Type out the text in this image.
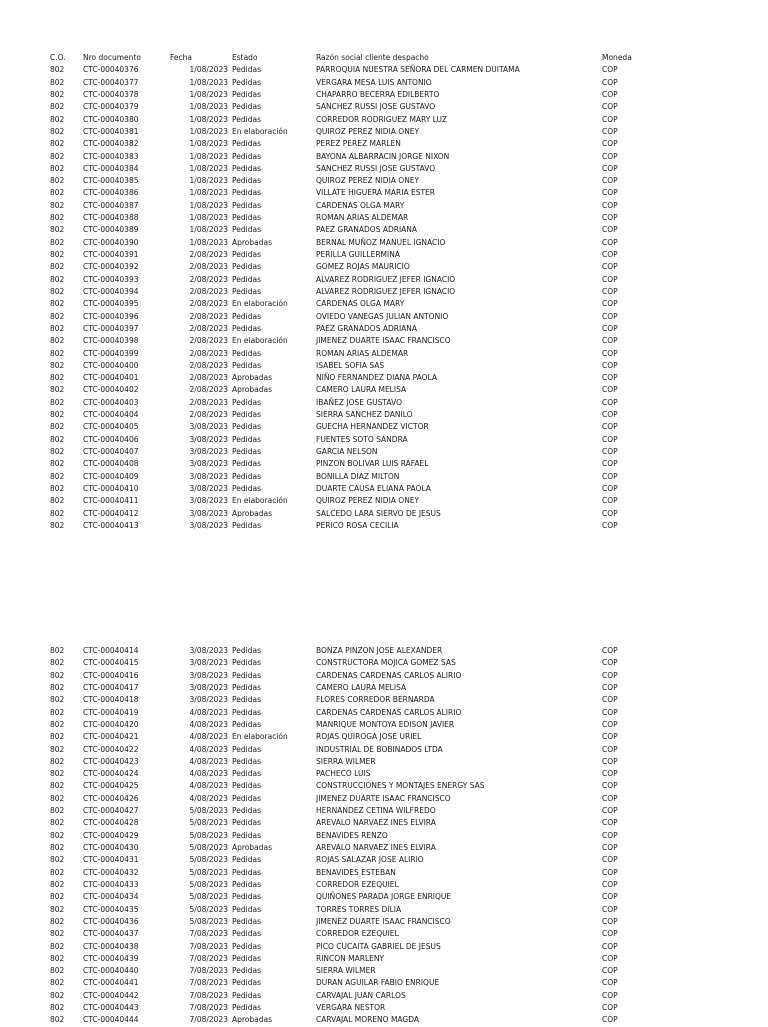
C.O. Nro documento	Fecha	Estado	Razón social cliente despacho	Moneda
802 CTC-00040376	1/08/2023 Pedidas	PARROQUIA NUESTRA SEÑORA DEL CARMEN DUITAMA	COP
802 CTC-00040377	1/08/2023 Pedidas	VERGARA MESA LUIS ANTONIO	COP
802 CTC-00040378	1/08/2023 Pedidas	CHAPARRO BECERRA EDILBERTO	COP
802 CTC-00040379	1/08/2023 Pedidas	SANCHEZ RUSSI JOSE GUSTAVO	COP
802 CTC-00040380	1/08/2023 Pedidas	CORREDOR RODRIGUEZ MARY LUZ	COP
802 CTC-00040381	1/08/2023 En elaboración	QUIROZ PEREZ NIDIA ONEY	COP
802 CTC-00040382	1/08/2023 Pedidas	PEREZ PEREZ MARLEN	COP
802 CTC-00040383	1/08/2023 Pedidas	BAYONA ALBARRACIN JORGE NIXON	COP
802 CTC-00040384	1/08/2023 Pedidas	SANCHEZ RUSSI JOSE GUSTAVO	COP
802 CTC-00040385	1/08/2023 Pedidas	QUIROZ PEREZ NIDIA ONEY	COP
802 CTC-00040386	1/08/2023 Pedidas	VILLATE HIGUERA MARIA ESTER	COP
802 CTC-00040387	1/08/2023 Pedidas	CARDENAS OLGA MARY	COP
802 CTC-00040388	1/08/2023 Pedidas	ROMAN ARIAS ALDEMAR	COP
802 CTC-00040389	1/08/2023 Pedidas	PAEZ GRANADOS ADRIANA	COP
802 CTC-00040390	1/08/2023 Aprobadas	BERNAL MUÑOZ MANUEL IGNACIO	COP
802 CTC-00040391	2/08/2023 Pedidas	PERILLA GUILLERMINA	COP
802 CTC-00040392	2/08/2023 Pedidas	GOMEZ ROJAS MAURICIO	COP
802 CTC-00040393	2/08/2023 Pedidas	ALVAREZ RODRIGUEZ JEFER IGNACIO	COP
802 CTC-00040394	2/08/2023 Pedidas	ALVAREZ RODRIGUEZ JEFER IGNACIO	COP
802 CTC-00040395	2/08/2023 En elaboración	CARDENAS OLGA MARY	COP
802 CTC-00040396	2/08/2023 Pedidas	OVIEDO VANEGAS JULIAN ANTONIO	COP
802 CTC-00040397	2/08/2023 Pedidas	PAEZ GRANADOS ADRIANA	COP
802 CTC-00040398	2/08/2023 En elaboración	JIMENEZ DUARTE ISAAC FRANCISCO	COP
802 CTC-00040399	2/08/2023 Pedidas	ROMAN ARIAS ALDEMAR	COP
802 CTC-00040400	2/08/2023 Pedidas	ISABEL SOFIA SAS	COP
802 CTC-00040401	2/08/2023 Aprobadas	NIÑO FERNANDEZ DIANA PAOLA	COP
802 CTC-00040402	2/08/2023 Aprobadas	CAMERO LAURA MELISA	COP
802 CTC-00040403	2/08/2023 Pedidas	IBAÑEZ JOSE GUSTAVO	COP
802 CTC-00040404	2/08/2023 Pedidas	SIERRA SANCHEZ DANILO	COP
802 CTC-00040405	3/08/2023 Pedidas	GUECHA HERNANDEZ VICTOR	COP
802 CTC-00040406	3/08/2023 Pedidas	FUENTES SOTO SANDRA	COP
802 CTC-00040407	3/08/2023 Pedidas	GARCIA NELSON	COP
802 CTC-00040408	3/08/2023 Pedidas	PINZON BOLIVAR LUIS RAFAEL	COP
802 CTC-00040409	3/08/2023 Pedidas	BONILLA DIAZ MILTON	COP
802 CTC-00040410	3/08/2023 Pedidas	DUARTE CAUSA ELIANA PAOLA	COP
802 CTC-00040411	3/08/2023 En elaboración	QUIROZ PEREZ NIDIA ONEY	COP
802 CTC-00040412	3/08/2023 Aprobadas	SALCEDO LARA SIERVO DE JESUS	COP
802 CTC-00040413	3/08/2023 Pedidas	PERICO ROSA CECILIA	COP
802 CTC-00040414	3/08/2023 Pedidas	BONZA PINZON JOSE ALEXANDER	COP
802 CTC-00040415	3/08/2023 Pedidas	CONSTRUCTORA MOJICA GOMEZ SAS	COP
802 CTC-00040416	3/08/2023 Pedidas	CARDENAS CARDENAS CARLOS ALIRIO	COP
802 CTC-00040417	3/08/2023 Pedidas	CAMERO LAURA MELISA	COP
802 CTC-00040418	3/08/2023 Pedidas	FLORES CORREDOR BERNARDA	COP
802 CTC-00040419	4/08/2023 Pedidas	CARDENAS CARDENAS CARLOS ALIRIO	COP
802 CTC-00040420	4/08/2023 Pedidas	MANRIQUE MONTOYA EDISON JAVIER	COP
802 CTC-00040421	4/08/2023 En elaboración	ROJAS QUIROGA JOSE URIEL	COP
802 CTC-00040422	4/08/2023 Pedidas	INDUSTRIAL DE BOBINADOS LTDA	COP
802 CTC-00040423	4/08/2023 Pedidas	SIERRA WILMER	COP
802 CTC-00040424	4/08/2023 Pedidas	PACHECO LUIS	COP
802 CTC-00040425	4/08/2023 Pedidas	CONSTRUCCIONES Y MONTAJES ENERGY SAS	COP
802 CTC-00040426	4/08/2023 Pedidas	JIMENEZ DUARTE ISAAC FRANCISCO	COP
802 CTC-00040427	5/08/2023 Pedidas	HERNANDEZ CETINA WILFREDO	COP
802 CTC-00040428	5/08/2023 Pedidas	AREVALO NARVAEZ INES ELVIRA	COP
802 CTC-00040429	5/08/2023 Pedidas	BENAVIDES RENZO	COP
802 CTC-00040430	5/08/2023 Aprobadas	AREVALO NARVAEZ INES ELVIRA	COP
802 CTC-00040431	5/08/2023 Pedidas	ROJAS SALAZAR JOSE ALIRIO	COP
802 CTC-00040432	5/08/2023 Pedidas	BENAVIDES ESTEBAN	COP
802 CTC-00040433	5/08/2023 Pedidas	CORREDOR EZEQUIEL	COP
802 CTC-00040434	5/08/2023 Pedidas	QUIÑONES PARADA JORGE ENRIQUE	COP
802 CTC-00040435	5/08/2023 Pedidas	TORRES TORRES DILIA	COP
802 CTC-00040436	5/08/2023 Pedidas	JIMENEZ DUARTE ISAAC FRANCISCO	COP
802 CTC-00040437	7/08/2023 Pedidas	CORREDOR EZEQUIEL	COP
802 CTC-00040438	7/08/2023 Pedidas	PICO CUCAITA GABRIEL DE JESUS	COP
802 CTC-00040439	7/08/2023 Pedidas	RINCON MARLENY	COP
802 CTC-00040440	7/08/2023 Pedidas	SIERRA WILMER	COP
802 CTC-00040441	7/08/2023 Pedidas	DURAN AGUILAR FABIO ENRIQUE	COP
802 CTC-00040442	7/08/2023 Pedidas	CARVAJAL JUAN CARLOS	COP
802 CTC-00040443	7/08/2023 Pedidas	VERGARA NESTOR	COP
802 CTC-00040444	7/08/2023 Aprobadas	CARVAJAL MORENO MAGDA	COP
